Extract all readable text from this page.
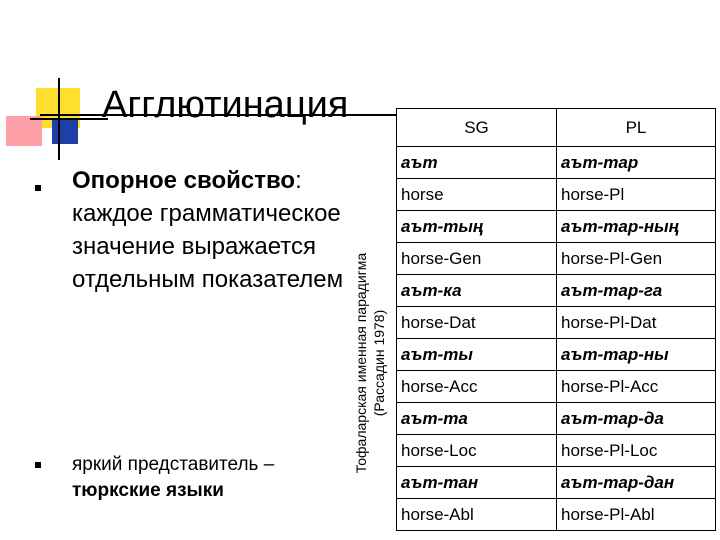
Агглютинация
Опорное свойство: каждое грамматическое значение выражается отдельным показателем
яркий представитель – тюркские языки
Тофаларская именная парадигма (Рассадин 1978)
SG	PL
аът	аът-тар
horse	horse-Pl
аът-тың	аът-тар-ның
horse-Gen	horse-Pl-Gen
аът-ка	аът-тар-га
horse-Dat	horse-Pl-Dat
аът-ты	аът-тар-ны
horse-Acc	horse-Pl-Acc
аът-та	аът-тар-да
horse-Loc	horse-Pl-Loc
аът-тан	аът-тар-дан
horse-Abl	horse-Pl-Abl
